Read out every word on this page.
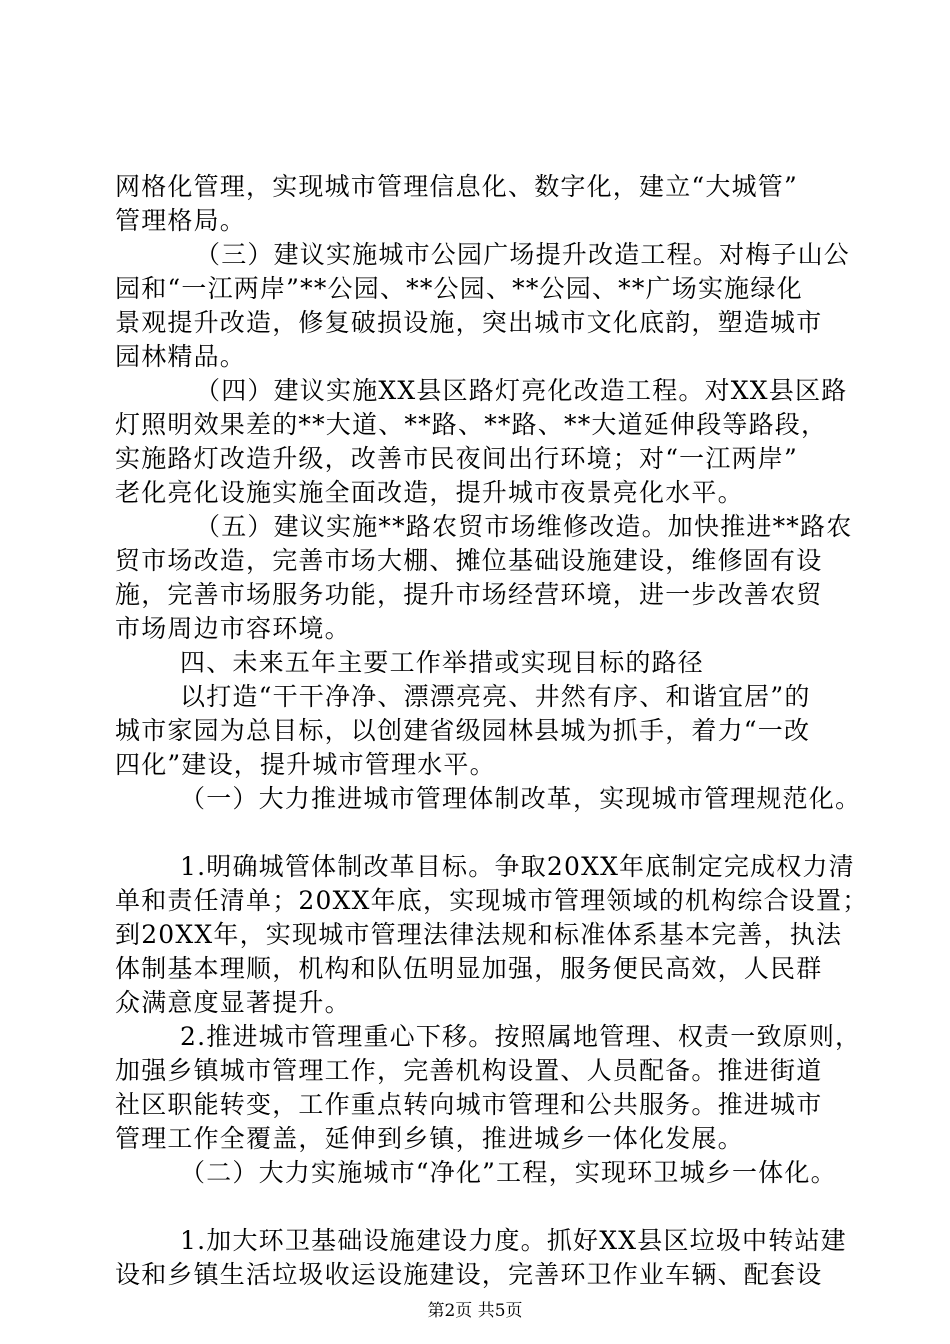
网格化管理，实现城市管理信息化、数字化，建立“大城管”
管理格局。
（三）建议实施城市公园广场提升改造工程。对梅子山公
园和“一江两岸”**公园、**公园、**公园、**广场实施绿化
景观提升改造，修复破损设施，突出城市文化底韵，塑造城市
园林精品。
（四）建议实施XX县区路灯亮化改造工程。对XX县区路
灯照明效果差的**大道、**路、**路、**大道延伸段等路段，
实施路灯改造升级，改善市民夜间出行环境；对“一江两岸”
老化亮化设施实施全面改造，提升城市夜景亮化水平。
（五）建议实施**路农贸市场维修改造。加快推进**路农
贸市场改造，完善市场大棚、摊位基础设施建设，维修固有设
施，完善市场服务功能，提升市场经营环境，进一步改善农贸
市场周边市容环境。
四、未来五年主要工作举措或实现目标的路径
以打造“干干净净、漂漂亮亮、井然有序、和谐宜居”的
城市家园为总目标，以创建省级园林县城为抓手，着力“一改
四化”建设，提升城市管理水平。
（一）大力推进城市管理体制改革，实现城市管理规范化。
1.明确城管体制改革目标。争取20XX年底制定完成权力清
单和责任清单；20XX年底，实现城市管理领域的机构综合设置；
到20XX年，实现城市管理法律法规和标准体系基本完善，执法
体制基本理顺，机构和队伍明显加强，服务便民高效，人民群
众满意度显著提升。
2.推进城市管理重心下移。按照属地管理、权责一致原则，
加强乡镇城市管理工作，完善机构设置、人员配备。推进街道
社区职能转变，工作重点转向城市管理和公共服务。推进城市
管理工作全覆盖，延伸到乡镇，推进城乡一体化发展。
（二）大力实施城市“净化”工程，实现环卫城乡一体化。
1.加大环卫基础设施建设力度。抓好XX县区垃圾中转站建
设和乡镇生活垃圾收运设施建设，完善环卫作业车辆、配套设
第2页 共5页
